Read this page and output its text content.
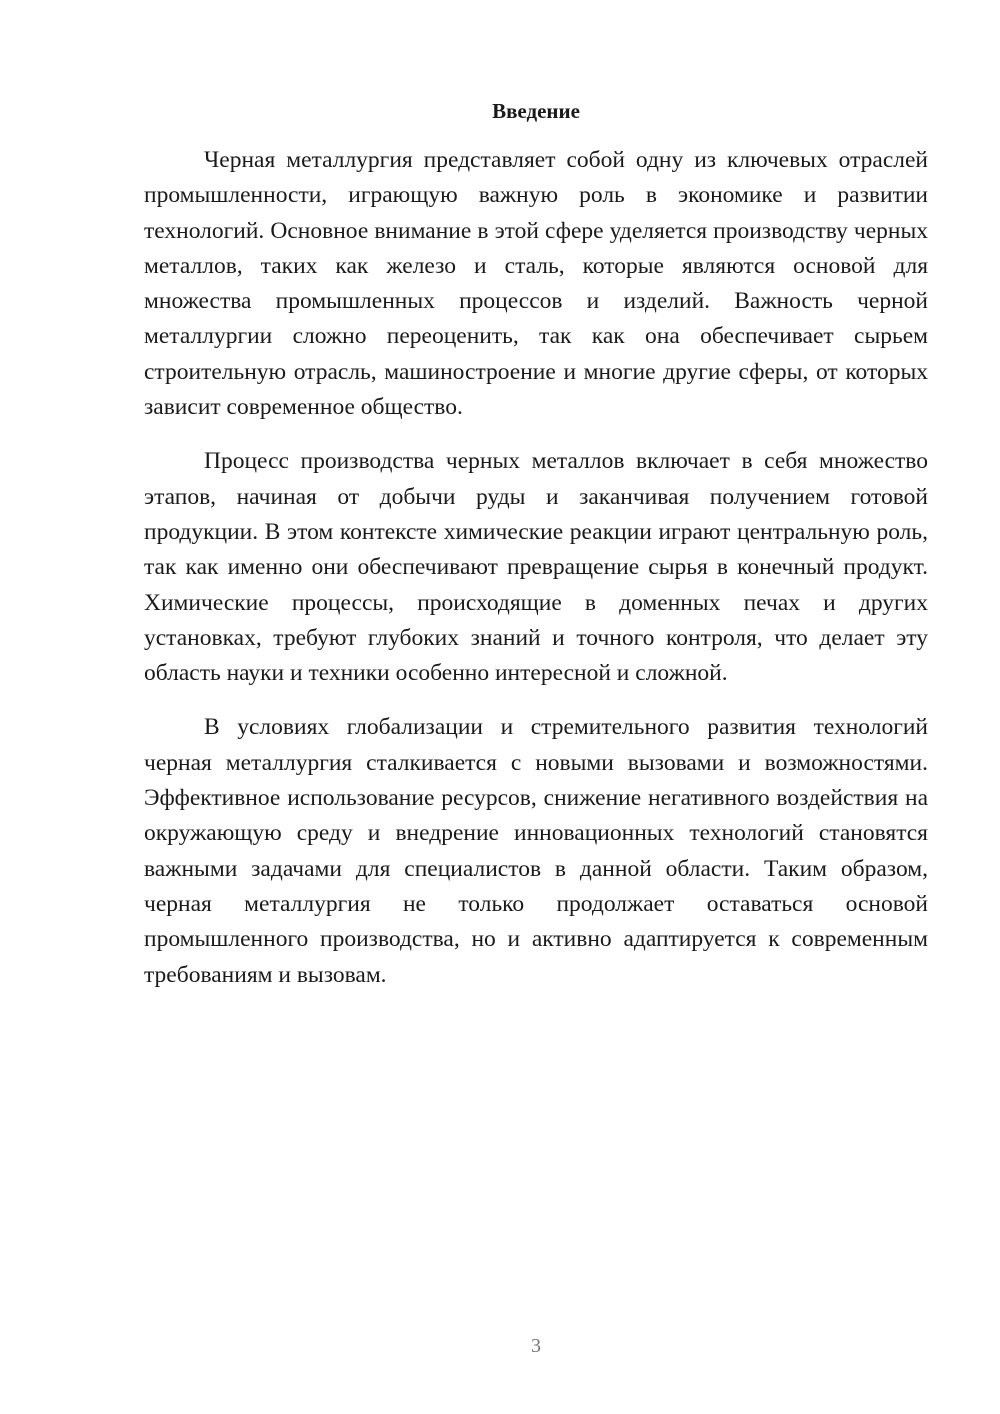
Введение

Черная металлургия представляет собой одну из ключевых отраслей промышленности, играющую важную роль в экономике и развитии технологий. Основное внимание в этой сфере уделяется производству черных металлов, таких как железо и сталь, которые являются основой для множества промышленных процессов и изделий. Важность черной металлургии сложно переоценить, так как она обеспечивает сырьем строительную отрасль, машиностроение и многие другие сферы, от которых зависит современное общество.

Процесс производства черных металлов включает в себя множество этапов, начиная от добычи руды и заканчивая получением готовой продукции. В этом контексте химические реакции играют центральную роль, так как именно они обеспечивают превращение сырья в конечный продукт. Химические процессы, происходящие в доменных печах и других установках, требуют глубоких знаний и точного контроля, что делает эту область науки и техники особенно интересной и сложной.

В условиях глобализации и стремительного развития технологий черная металлургия сталкивается с новыми вызовами и возможностями. Эффективное использование ресурсов, снижение негативного воздействия на окружающую среду и внедрение инновационных технологий становятся важными задачами для специалистов в данной области. Таким образом, черная металлургия не только продолжает оставаться основой промышленного производства, но и активно адаптируется к современным требованиям и вызовам.

3
